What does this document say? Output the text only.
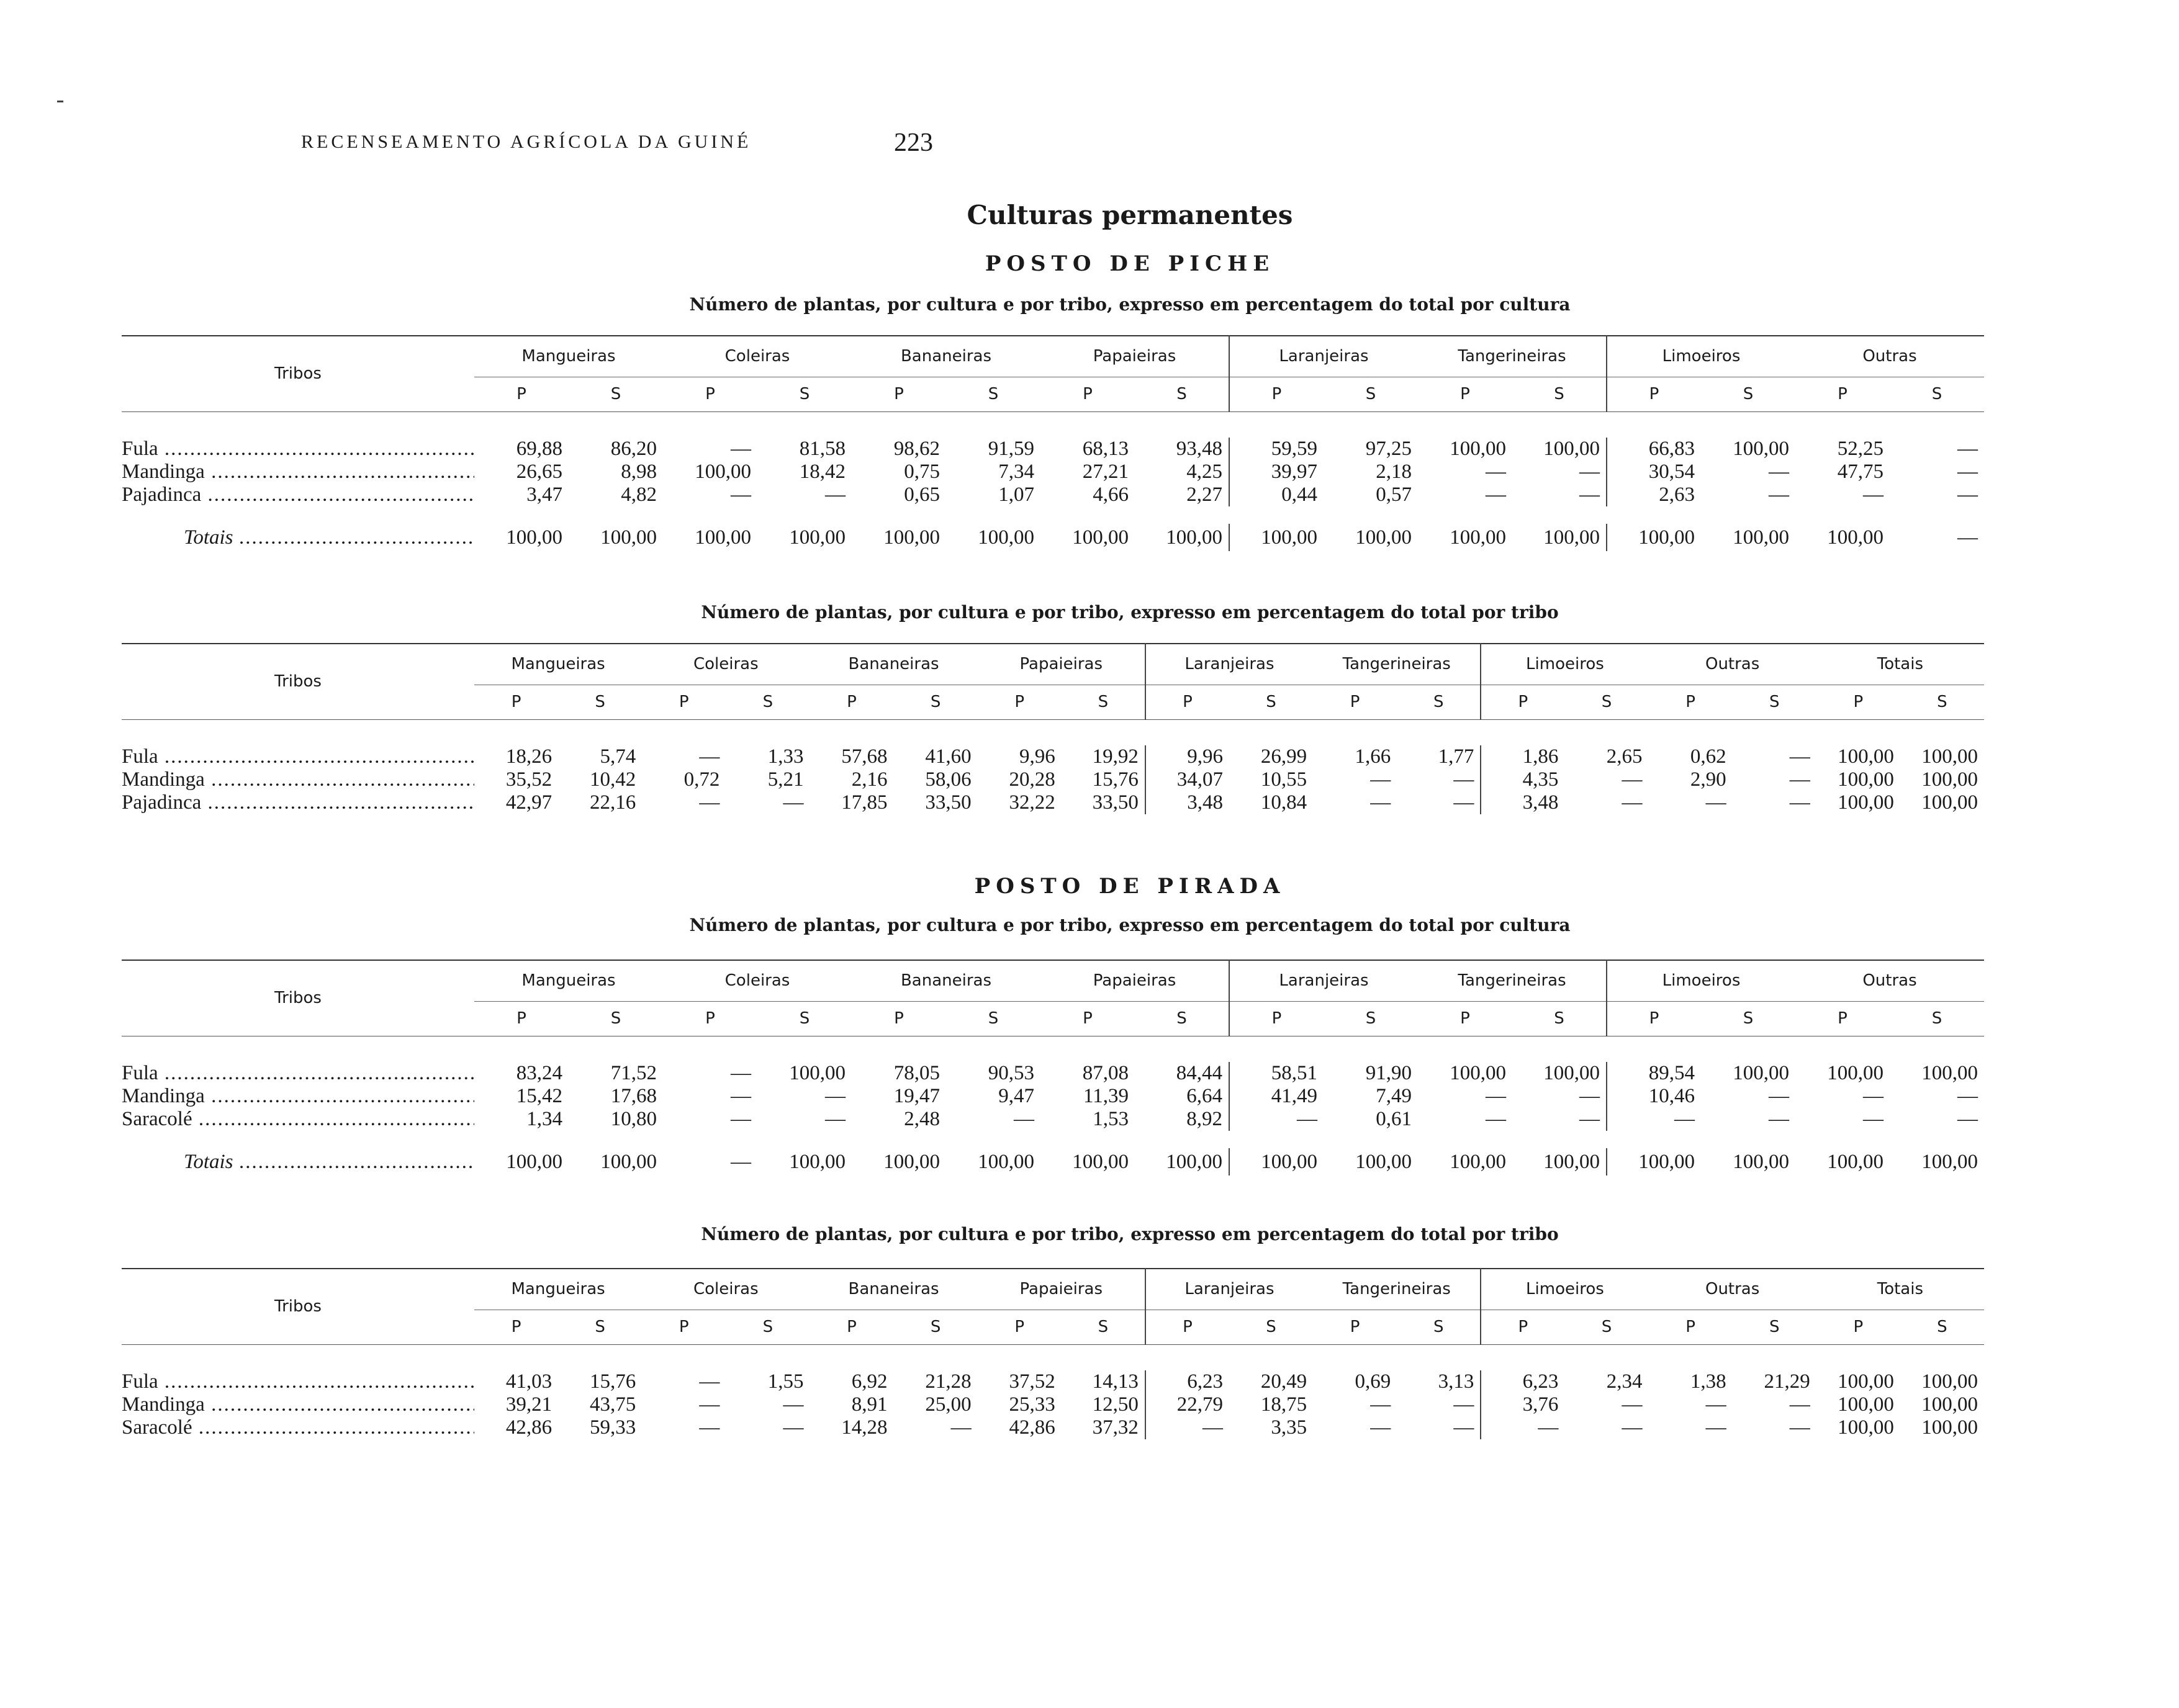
RECENSEAMENTO AGRÍCOLA DA GUINÉ	223
Culturas permanentes
POSTO DE PICHE
Número de plantas, por cultura e por tribo, expresso em percentagem do total por cultura
Tribos	Mangueiras		Coleiras		Bananeiras		Papaieiras		Laranjeiras		Tangerineiras		Limoeiros		Outras	
	P	S	P	S	P	S	P	S	P	S	P	S	P	S	P	S

Fula .....	69,88	86,20	—	81,58	98,62	91,59	68,13	93,48	59,59	97,25	100,00	100,00	66,83	100,00	52,25	—
Mandinga .....	26,65	8,98	100,00	18,42	0,75	7,34	27,21	4,25	39,97	2,18	—	—	30,54	—	47,75	—
Pajadinca .....	3,47	4,82	—	—	0,65	1,07	4,66	2,27	0,44	0,57	—	—	2,63	—	—	—

Totais .....	100,00	100,00	100,00	100,00	100,00	100,00	100,00	100,00	100,00	100,00	100,00	100,00	100,00	100,00	100,00	—
Número de plantas, por cultura e por tribo, expresso em percentagem do total por tribo
Tribos	Mangueiras		Coleiras		Bananeiras		Papaieiras		Laranjeiras		Tangerineiras		Limoeiros		Outras		Totais	
	P	S	P	S	P	S	P	S	P	S	P	S	P	S	P	S	P	S

Fula .....	18,26	5,74	—	1,33	57,68	41,60	9,96	19,92	9,96	26,99	1,66	1,77	1,86	2,65	0,62	—	100,00	100,00
Mandinga .....	35,52	10,42	0,72	5,21	2,16	58,06	20,28	15,76	34,07	10,55	—	—	4,35	—	2,90	—	100,00	100,00
Pajadinca .....	42,97	22,16	—	—	17,85	33,50	32,22	33,50	3,48	10,84	—	—	3,48	—	—	—	100,00	100,00
POSTO DE PIRADA
Número de plantas, por cultura e por tribo, expresso em percentagem do total por cultura
Tribos	Mangueiras		Coleiras		Bananeiras		Papaieiras		Laranjeiras		Tangerineiras		Limoeiros		Outras	
	P	S	P	S	P	S	P	S	P	S	P	S	P	S	P	S

Fula .....	83,24	71,52	—	100,00	78,05	90,53	87,08	84,44	58,51	91,90	100,00	100,00	89,54	100,00	100,00	100,00
Mandinga .....	15,42	17,68	—	—	19,47	9,47	11,39	6,64	41,49	7,49	—	—	10,46	—	—	—
Saracolé .....	1,34	10,80	—	—	2,48	—	1,53	8,92	—	0,61	—	—	—	—	—	—

Totais .....	100,00	100,00	—	100,00	100,00	100,00	100,00	100,00	100,00	100,00	100,00	100,00	100,00	100,00	100,00	100,00
Número de plantas, por cultura e por tribo, expresso em percentagem do total por tribo
Tribos	Mangueiras		Coleiras		Bananeiras		Papaieiras		Laranjeiras		Tangerineiras		Limoeiros		Outras		Totais	
	P	S	P	S	P	S	P	S	P	S	P	S	P	S	P	S	P	S

Fula .....	41,03	15,76	—	1,55	6,92	21,28	37,52	14,13	6,23	20,49	0,69	3,13	6,23	2,34	1,38	21,29	100,00	100,00
Mandinga .....	39,21	43,75	—	—	8,91	25,00	25,33	12,50	22,79	18,75	—	—	3,76	—	—	—	100,00	100,00
Saracolé .....	42,86	59,33	—	—	14,28	—	42,86	37,32	—	3,35	—	—	—	—	—	—	100,00	100,00
